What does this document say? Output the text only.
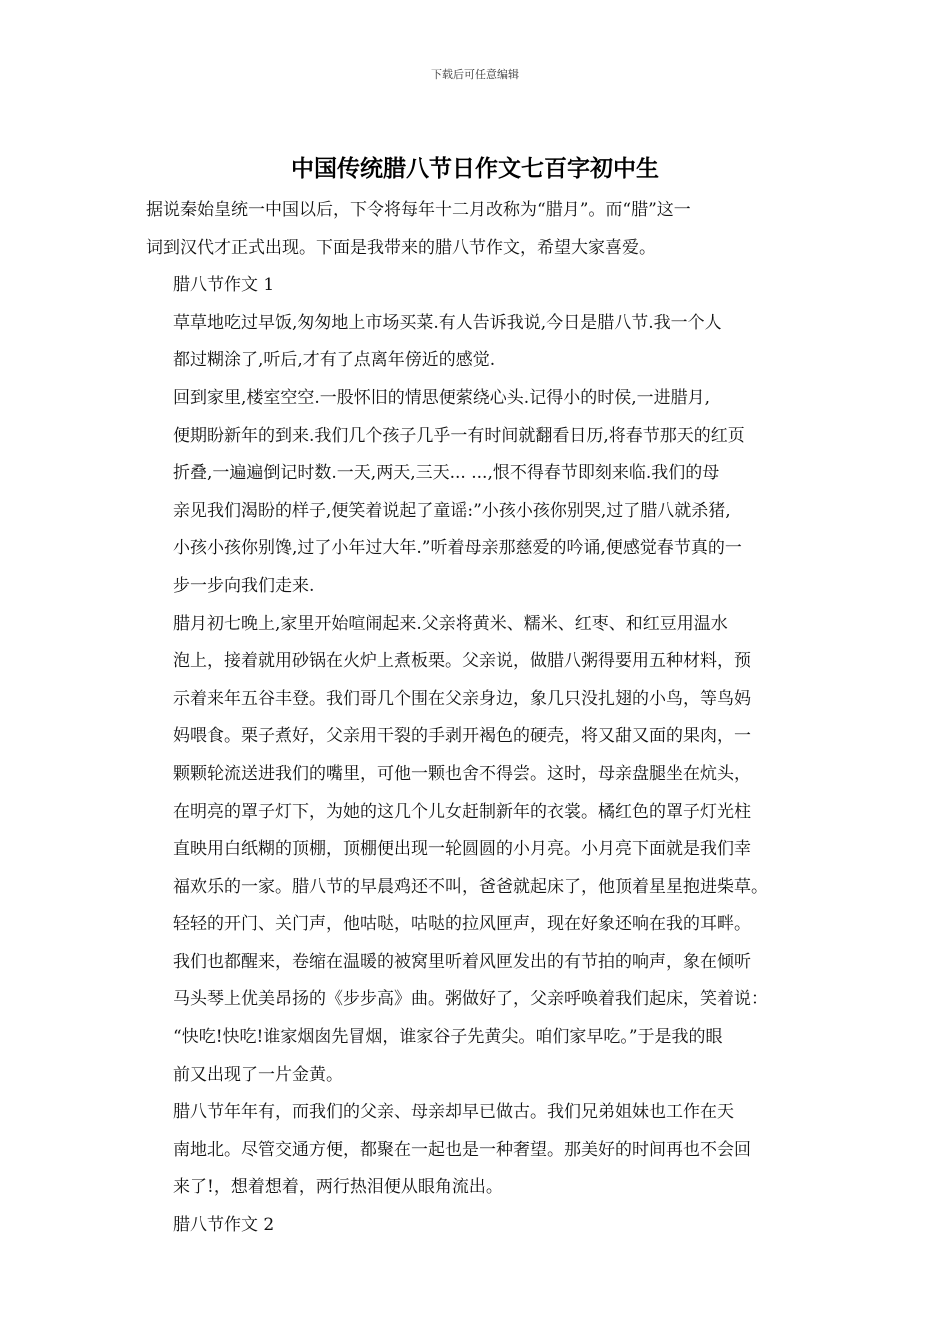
下载后可任意编辑
中国传统腊八节日作文七百字初中生

据说秦始皇统一中国以后，下令将每年十二月改称为“腊月”。而“腊”这一
词到汉代才正式出现。下面是我带来的腊八节作文，希望大家喜爱。

腊八节作文 1

草草地吃过早饭,匆匆地上市场买菜.有人告诉我说,今日是腊八节.我一个人
都过糊涂了,听后,才有了点离年傍近的感觉.

回到家里,楼室空空.一股怀旧的情思便萦绕心头.记得小的时侯,一进腊月,
便期盼新年的到来.我们几个孩子几乎一有时间就翻看日历,将春节那天的红页
折叠,一遍遍倒记时数.一天,两天,三天... ...,恨不得春节即刻来临.我们的母
亲见我们渴盼的样子,便笑着说起了童谣:”小孩小孩你别哭,过了腊八就杀猪,
小孩小孩你别馋,过了小年过大年.”听着母亲那慈爱的吟诵,便感觉春节真的一
步一步向我们走来.

腊月初七晚上,家里开始喧闹起来.父亲将黄米、糯米、红枣、和红豆用温水
泡上，接着就用砂锅在火炉上煮板栗。父亲说，做腊八粥得要用五种材料，预
示着来年五谷丰登。我们哥几个围在父亲身边，象几只没扎翅的小鸟，等鸟妈
妈喂食。栗子煮好，父亲用干裂的手剥开褐色的硬壳，将又甜又面的果肉，一
颗颗轮流送进我们的嘴里，可他一颗也舍不得尝。这时，母亲盘腿坐在炕头，
在明亮的罩子灯下，为她的这几个儿女赶制新年的衣裳。橘红色的罩子灯光柱
直映用白纸糊的顶棚，顶棚便出现一轮圆圆的小月亮。小月亮下面就是我们幸
福欢乐的一家。腊八节的早晨鸡还不叫，爸爸就起床了，他顶着星星抱进柴草。
轻轻的开门、关门声，他咕哒，咕哒的拉风匣声，现在好象还响在我的耳畔。
我们也都醒来，卷缩在温暖的被窝里听着风匣发出的有节拍的响声，象在倾听
马头琴上优美昂扬的《步步高》曲。粥做好了，父亲呼唤着我们起床，笑着说：
“快吃!快吃!谁家烟囱先冒烟，谁家谷子先黄尖。咱们家早吃。”于是我的眼
前又出现了一片金黄。

腊八节年年有，而我们的父亲、母亲却早已做古。我们兄弟姐妹也工作在天
南地北。尽管交通方便，都聚在一起也是一种奢望。那美好的时间再也不会回
来了!，想着想着，两行热泪便从眼角流出。

腊八节作文 2
